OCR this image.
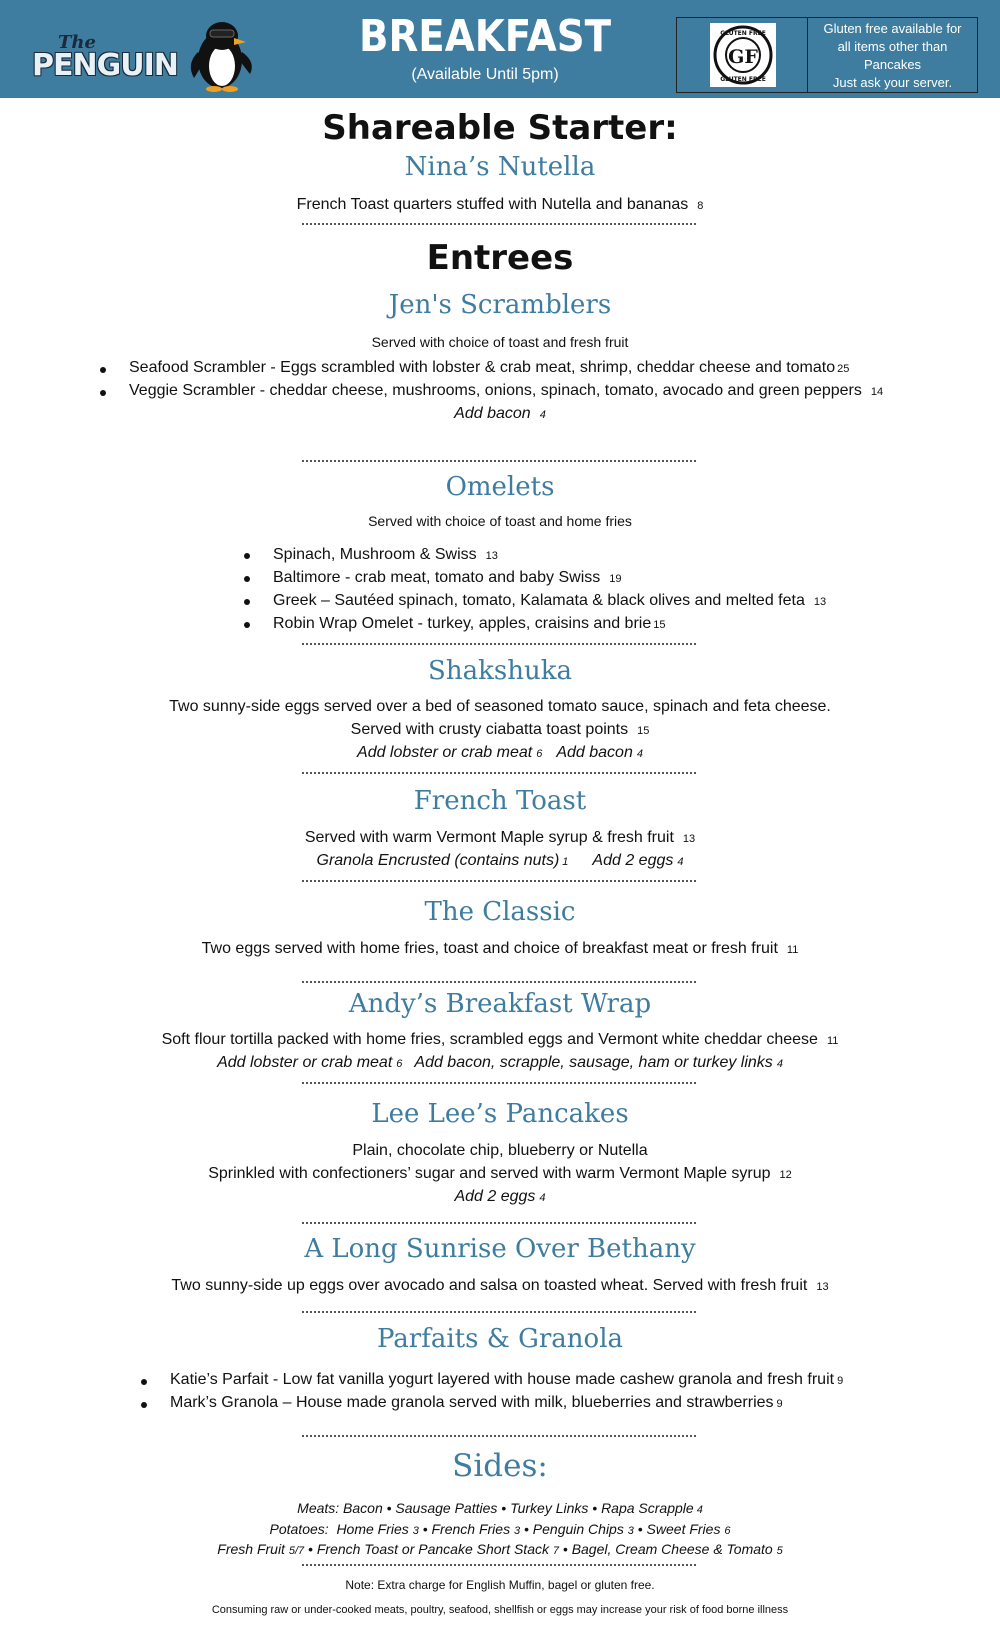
The
PENGUIN
BREAKFAST
(Available Until 5pm)
GF
GLUTEN FREE
GLUTEN FREE
Gluten free available for
all items other than
Pancakes
Just ask your server.
Shareable Starter:
Nina’s Nutella
French Toast quarters stuffed with Nutella and bananas 8
Entrees
Jen's Scramblers
Served with choice of toast and fresh fruit
Seafood Scrambler - Eggs scrambled with lobster & crab meat, shrimp, cheddar cheese and tomato 25
Veggie Scrambler - cheddar cheese, mushrooms, onions, spinach, tomato, avocado and green peppers 14
Add bacon 4
Omelets
Served with choice of toast and home fries
Spinach, Mushroom & Swiss 13
Baltimore - crab meat, tomato and baby Swiss 19
Greek – Sautéed spinach, tomato, Kalamata & black olives and melted feta 13
Robin Wrap Omelet - turkey, apples, craisins and brie 15
Shakshuka
Two sunny-side eggs served over a bed of seasoned tomato sauce, spinach and feta cheese.
Served with crusty ciabatta toast points 15
Add lobster or crab meat 6 Add bacon 4
French Toast
Served with warm Vermont Maple syrup & fresh fruit 13
Granola Encrusted (contains nuts) 1 Add 2 eggs 4
The Classic
Two eggs served with home fries, toast and choice of breakfast meat or fresh fruit 11
Andy’s Breakfast Wrap
Soft flour tortilla packed with home fries, scrambled eggs and Vermont white cheddar cheese 11
Add lobster or crab meat 6 Add bacon, scrapple, sausage, ham or turkey links 4
Lee Lee’s Pancakes
Plain, chocolate chip, blueberry or Nutella
Sprinkled with confectioners’ sugar and served with warm Vermont Maple syrup 12
Add 2 eggs 4
A Long Sunrise Over Bethany
Two sunny-side up eggs over avocado and salsa on toasted wheat. Served with fresh fruit 13
Parfaits & Granola
Katie’s Parfait - Low fat vanilla yogurt layered with house made cashew granola and fresh fruit 9
Mark’s Granola – House made granola served with milk, blueberries and strawberries 9
Sides:
Meats: Bacon • Sausage Patties • Turkey Links • Rapa Scrapple 4
Potatoes: Home Fries 3 • French Fries 3 • Penguin Chips 3 • Sweet Fries 6
Fresh Fruit 5/7 • French Toast or Pancake Short Stack 7 • Bagel, Cream Cheese & Tomato 5
Note: Extra charge for English Muffin, bagel or gluten free.
Consuming raw or under-cooked meats, poultry, seafood, shellfish or eggs may increase your risk of food borne illness
